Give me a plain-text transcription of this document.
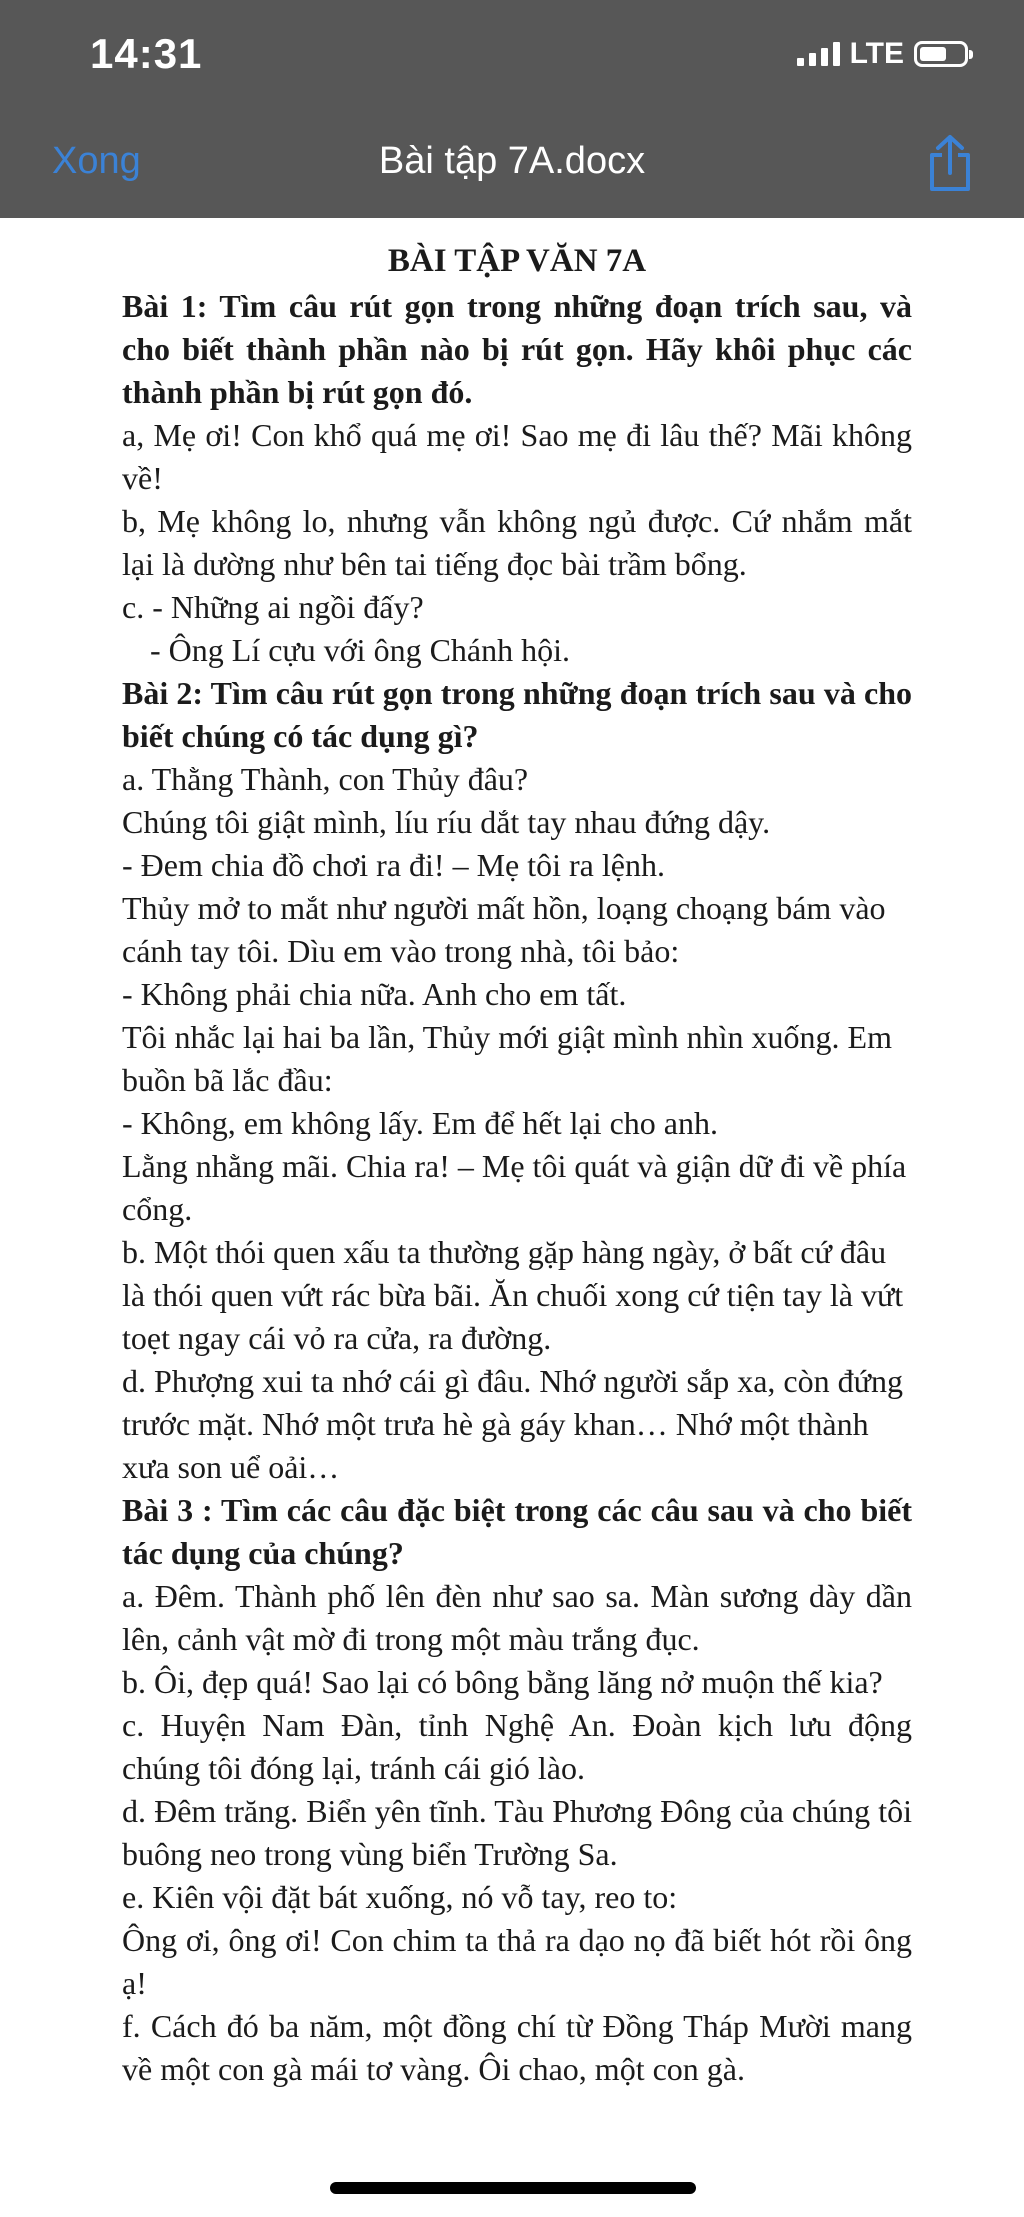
14:31	LTE
Xong	Bài tập 7A.docx

BÀI TẬP VĂN 7A

Bài 1: Tìm câu rút gọn trong những đoạn trích sau, và cho biết thành phần nào bị rút gọn. Hãy khôi phục các thành phần bị rút gọn đó.

a, Mẹ ơi! Con khổ quá mẹ ơi! Sao mẹ đi lâu thế? Mãi không về!

b, Mẹ không lo, nhưng vẫn không ngủ được. Cứ nhắm mắt lại là dường như bên tai tiếng đọc bài trầm bổng.

c. - Những ai ngồi đấy?

- Ông Lí cựu với ông Chánh hội.

Bài 2: Tìm câu rút gọn trong những đoạn trích sau và cho biết chúng có tác dụng gì?

a. Thằng Thành, con Thủy đâu?

Chúng tôi giật mình, líu ríu dắt tay nhau đứng dậy.

- Đem chia đồ chơi ra đi! – Mẹ tôi ra lệnh.

Thủy mở to mắt như người mất hồn, loạng choạng bám vào cánh tay tôi. Dìu em vào trong nhà, tôi bảo:

- Không phải chia nữa. Anh cho em tất.

Tôi nhắc lại hai ba lần, Thủy mới giật mình nhìn xuống. Em buồn bã lắc đầu:

- Không, em không lấy. Em để hết lại cho anh.

Lằng nhằng mãi. Chia ra! – Mẹ tôi quát và giận dữ đi về phía cổng.

b. Một thói quen xấu ta thường gặp hàng ngày, ở bất cứ đâu là thói quen vứt rác bừa bãi. Ăn chuối xong cứ tiện tay là vứt toẹt ngay cái vỏ ra cửa, ra đường.

d. Phượng xui ta nhớ cái gì đâu. Nhớ người sắp xa, còn đứng trước mặt. Nhớ một trưa hè gà gáy khan… Nhớ một thành xưa son uể oải…

Bài 3 : Tìm các câu đặc biệt trong các câu sau và cho biết tác dụng của chúng?

a. Đêm. Thành phố lên đèn như sao sa. Màn sương dày dần lên, cảnh vật mờ đi trong một màu trắng đục.

b. Ôi, đẹp quá! Sao lại có bông bằng lăng nở muộn thế kia?

c. Huyện Nam Đàn, tỉnh Nghệ An. Đoàn kịch lưu động chúng tôi đóng lại, tránh cái gió lào.

d. Đêm trăng. Biển yên tĩnh. Tàu Phương Đông của chúng tôi buông neo trong vùng biển Trường Sa.

e. Kiên vội đặt bát xuống, nó vỗ tay, reo to:

Ông ơi, ông ơi! Con chim ta thả ra dạo nọ đã biết hót rồi ông ạ!

f. Cách đó ba năm, một đồng chí từ Đồng Tháp Mười mang về một con gà mái tơ vàng. Ôi chao, một con gà.
